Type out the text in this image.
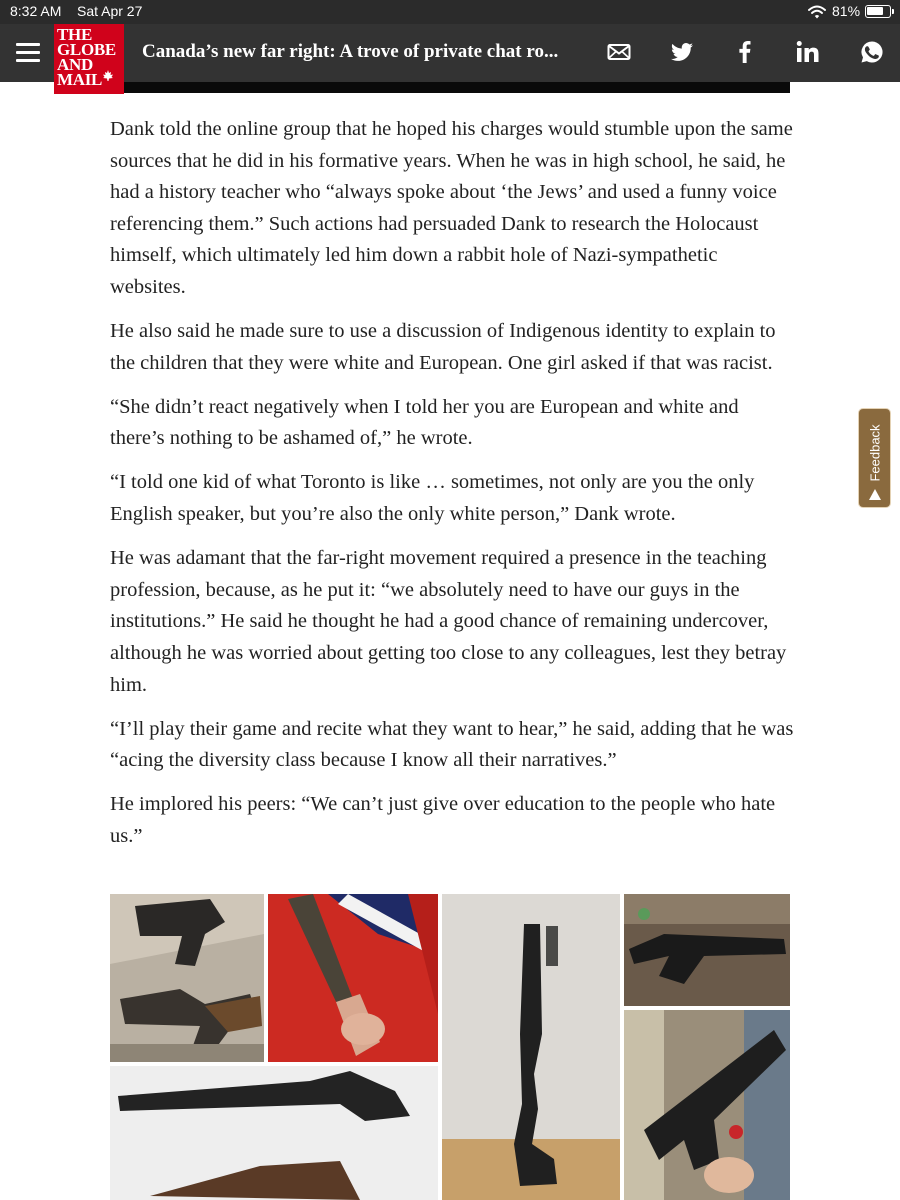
8:32 AM Sat Apr 27	81%
THE
GLOBE
AND
MAIL
Canada’s new far right: A trove of private chat ro...

Dank told the online group that he hoped his charges would stumble upon the same sources that he did in his formative years. When he was in high school, he said, he had a history teacher who “always spoke about ‘the Jews’ and used a funny voice referencing them.” Such actions had persuaded Dank to research the Holocaust himself, which ultimately led him down a rabbit hole of Nazi-sympathetic websites.

He also said he made sure to use a discussion of Indigenous identity to explain to the children that they were white and European. One girl asked if that was racist.

“She didn’t react negatively when I told her you are European and white and there’s nothing to be ashamed of,” he wrote.

“I told one kid of what Toronto is like … sometimes, not only are you the only English speaker, but you’re also the only white person,” Dank wrote.

He was adamant that the far-right movement required a presence in the teaching profession, because, as he put it: “we absolutely need to have our guys in the institutions.” He said he thought he had a good chance of remaining undercover, although he was worried about getting too close to any colleagues, lest they betray him.

“I’ll play their game and recite what they want to hear,” he said, adding that he was “acing the diversity class because I know all their narratives.”

He implored his peers: “We can’t just give over education to the people who hate us.”

Feedback
